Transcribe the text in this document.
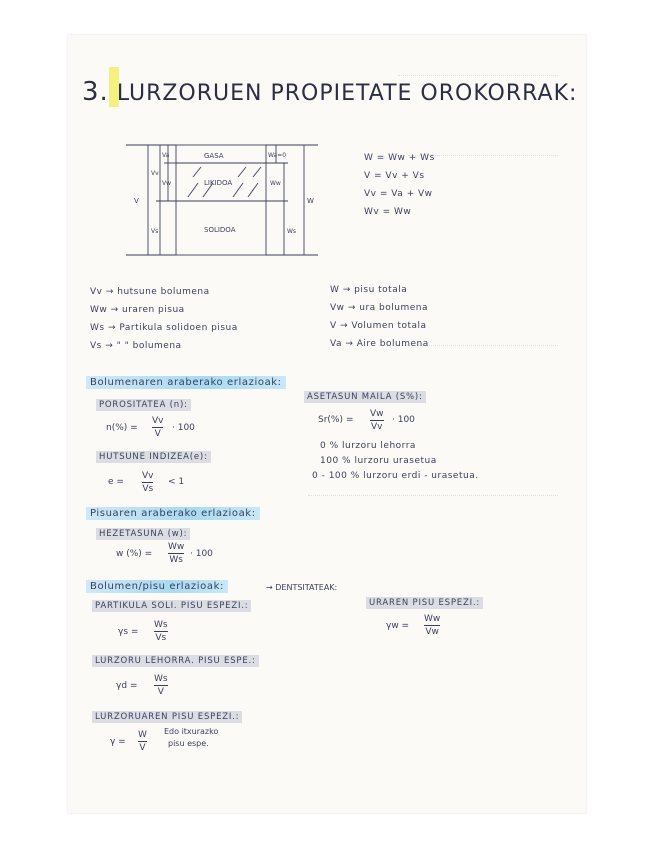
3. LURZORUEN PROPIETATE OROKORRAK:
GASA
LIKIDOA
SOLIDOA
Va
Vw
Vv
Vs
V
Wa=0
Ww
Ws
W
W = Ww + Ws
V = Vv + Vs
Vv = Va + Vw
Wv = Ww
Vv → hutsune bolumena
Ww → uraren pisua
Ws → Partikula solidoen pisua
Vs → " " bolumena
W → pisu totala
Vw → ura bolumena
V → Volumen totala
Va → Aire bolumena
Bolumenaren araberako erlazioak:
POROSITATEA (n):
n(%) =
Vv
V
· 100
HUTSUNE INDIZEA(e):
e =
Vv
Vs
< 1
ASETASUN MAILA (S%):
Sr(%) =
Vw
Vv
· 100
0 % lurzoru lehorra
100 % lurzoru urasetua
0 - 100 % lurzoru erdi - urasetua.
Pisuaren araberako erlazioak:
HEZETASUNA (w):
w (%) =
Ww
Ws
· 100
Bolumen/pisu erlazioak:	→ DENTSITATEAK:
PARTIKULA SOLI. PISU ESPEZI.:
γs =
Ws
Vs
URAREN PISU ESPEZI.:
γw =
Ww
Vw
LURZORU LEHORRA. PISU ESPE.:
γd =
Ws
V
LURZORUAREN PISU ESPEZI.:
γ =
W
V
Edo itxurazko
pisu espe.
